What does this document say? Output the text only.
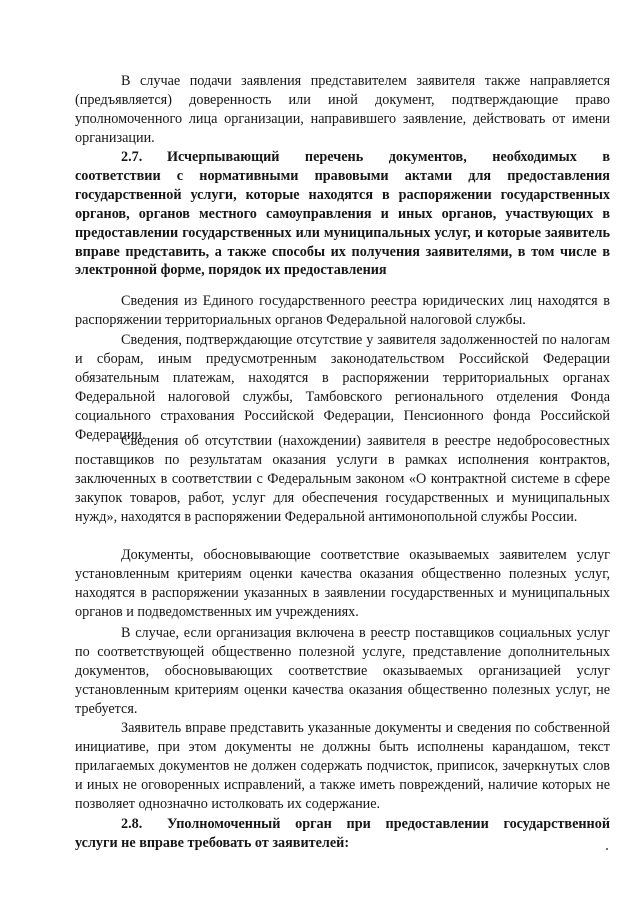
В случае подачи заявления представителем заявителя также направляется (предъявляется) доверенность или иной документ, подтверждающие право уполномоченного лица организации, направившего заявление, действовать от имени организации.

2.7. Исчерпывающий перечень документов, необходимых в соответствии с нормативными правовыми актами для предоставления государственной услуги, которые находятся в распоряжении государственных органов, органов местного самоуправления и иных органов, участвующих в предоставлении государственных или муниципальных услуг, и которые заявитель вправе представить, а также способы их получения заявителями, в том числе в электронной форме, порядок их предоставления

Сведения из Единого государственного реестра юридических лиц находятся в распоряжении территориальных органов Федеральной налоговой службы.

Сведения, подтверждающие отсутствие у заявителя задолженностей по налогам и сборам, иным предусмотренным законодательством Российской Федерации обязательным платежам, находятся в распоряжении территориальных органах Федеральной налоговой службы, Тамбовского регионального отделения Фонда социального страхования Российской Федерации, Пенсионного фонда Российской Федерации.

Сведения об отсутствии (нахождении) заявителя в реестре недобросовестных поставщиков по результатам оказания услуги в рамках исполнения контрактов, заключенных в соответствии с Федеральным законом «О контрактной системе в сфере закупок товаров, работ, услуг для обеспечения государственных и муниципальных нужд», находятся в распоряжении Федеральной антимонопольной службы России.

Документы, обосновывающие соответствие оказываемых заявителем услуг установленным критериям оценки качества оказания общественно полезных услуг, находятся в распоряжении указанных в заявлении государственных и муниципальных органов и подведомственных им учреждениях.

В случае, если организация включена в реестр поставщиков социальных услуг по соответствующей общественно полезной услуге, представление дополнительных документов, обосновывающих соответствие оказываемых организацией услуг установленным критериям оценки качества оказания общественно полезных услуг, не требуется.

Заявитель вправе представить указанные документы и сведения по собственной инициативе, при этом документы не должны быть исполнены карандашом, текст прилагаемых документов не должен содержать подчисток, приписок, зачеркнутых слов и иных не оговоренных исправлений, а также иметь повреждений, наличие которых не позволяет однозначно истолковать их содержание.

2.8. Уполномоченный орган при предоставлении государственной услуги не вправе требовать от заявителей:
